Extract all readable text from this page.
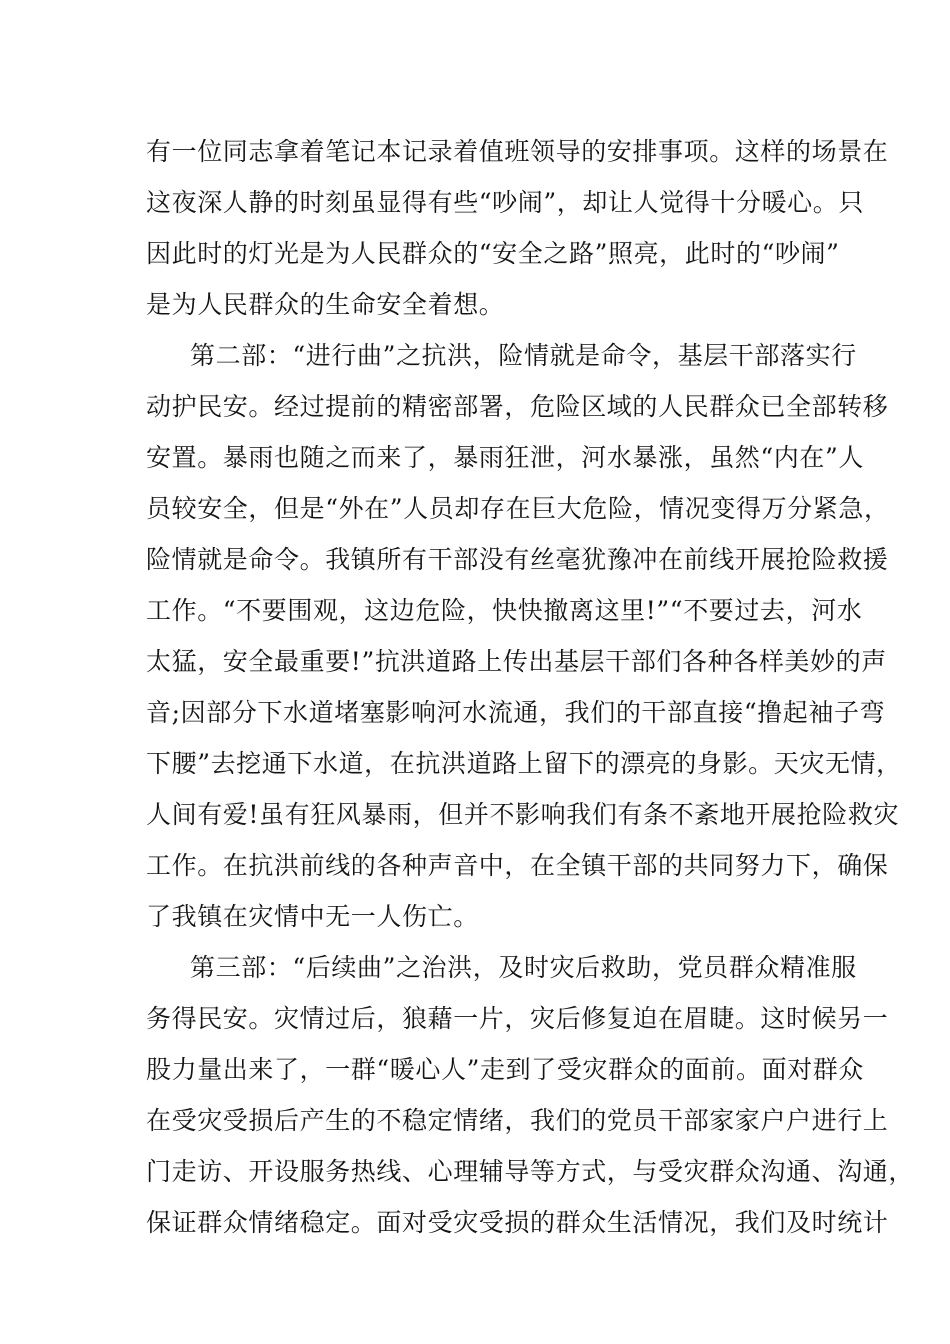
有一位同志拿着笔记本记录着值班领导的安排事项。这样的场景在
这夜深人静的时刻虽显得有些“吵闹”，却让人觉得十分暖心。只
因此时的灯光是为人民群众的“安全之路”照亮，此时的“吵闹”
是为人民群众的生命安全着想。
第二部：“进行曲”之抗洪，险情就是命令，基层干部落实行
动护民安。经过提前的精密部署，危险区域的人民群众已全部转移
安置。暴雨也随之而来了，暴雨狂泄，河水暴涨，虽然“内在”人
员较安全，但是“外在”人员却存在巨大危险，情况变得万分紧急，
险情就是命令。我镇所有干部没有丝毫犹豫冲在前线开展抢险救援
工作。“不要围观，这边危险，快快撤离这里!”“不要过去，河水
太猛，安全最重要!”抗洪道路上传出基层干部们各种各样美妙的声
音;因部分下水道堵塞影响河水流通，我们的干部直接“撸起袖子弯
下腰”去挖通下水道，在抗洪道路上留下的漂亮的身影。天灾无情，
人间有爱!虽有狂风暴雨，但并不影响我们有条不紊地开展抢险救灾
工作。在抗洪前线的各种声音中，在全镇干部的共同努力下，确保
了我镇在灾情中无一人伤亡。
第三部：“后续曲”之治洪，及时灾后救助，党员群众精准服
务得民安。灾情过后，狼藉一片，灾后修复迫在眉睫。这时候另一
股力量出来了，一群“暖心人”走到了受灾群众的面前。面对群众
在受灾受损后产生的不稳定情绪，我们的党员干部家家户户进行上
门走访、开设服务热线、心理辅导等方式，与受灾群众沟通、沟通，
保证群众情绪稳定。面对受灾受损的群众生活情况，我们及时统计
